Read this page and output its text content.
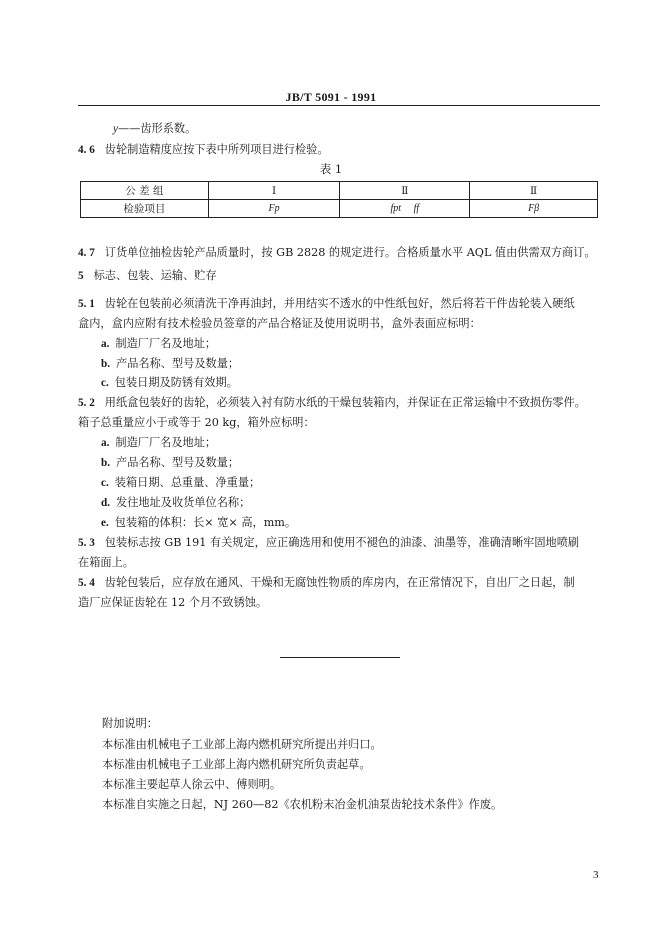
JB/T 5091 - 1991
y——齿形系数。
4. 6 齿轮制造精度应按下表中所列项目进行检验。
表 1
公 差 组	Ⅰ	Ⅱ	Ⅱ
检验项目	Fp	fpt ff	Fβ
4. 7 订货单位抽检齿轮产品质量时，按 GB 2828 的规定进行。合格质量水平 AQL 值由供需双方商订。
5 标志、包装、运输、贮存
5. 1 齿轮在包装前必须清洗干净再油封，并用结实不透水的中性纸包好，然后将若干件齿轮装入硬纸
盒内，盒内应附有技术检验员签章的产品合格证及使用说明书，盒外表面应标明：
a. 制造厂厂名及地址；
b. 产品名称、型号及数量；
c. 包装日期及防锈有效期。
5. 2 用纸盒包装好的齿轮，必须装入衬有防水纸的干燥包装箱内，并保证在正常运输中不致损伤零件。
箱子总重量应小于或等于 20 kg，箱外应标明：
a. 制造厂厂名及地址；
b. 产品名称、型号及数量；
c. 装箱日期、总重量、净重量；
d. 发往地址及收货单位名称；
e. 包装箱的体积：长× 宽× 高，mm。
5. 3 包装标志按 GB 191 有关规定，应正确选用和使用不褪色的油漆、油墨等，准确清晰牢固地喷刷
在箱面上。
5. 4 齿轮包装后，应存放在通风、干燥和无腐蚀性物质的库房内，在正常情况下，自出厂之日起，制
造厂应保证齿轮在 12 个月不致锈蚀。
附加说明：
本标准由机械电子工业部上海内燃机研究所提出并归口。
本标准由机械电子工业部上海内燃机研究所负责起草。
本标准主要起草人徐云中、傅则明。
本标准自实施之日起，NJ 260—82《农机粉末冶金机油泵齿轮技术条件》作废。
3
